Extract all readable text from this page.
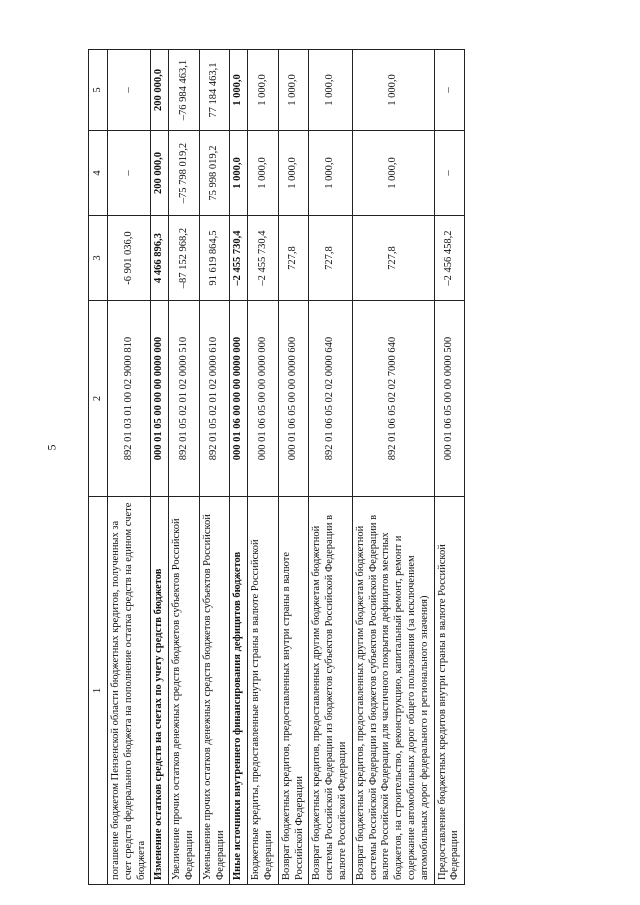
5
1	2	3	4	5
погашение бюджетом Пензенской области бюджетных кредитов, полученных за счет средств федерального бюджета на пополнение остатка средств на едином счете бюджета	892 01 03 01 00 02 9000 810	-6 901 036,0	–	–
Изменение остатков средств на счетах по учету средств бюджетов	000 01 05 00 00 00 0000 000	4 466 896,3	200 000,0	200 000,0
Увеличение прочих остатков денежных средств бюджетов субъектов Российской Федерации	892 01 05 02 01 02 0000 510	–87 152 968,2	–75 798 019,2	–76 984 463,1
Уменьшение прочих остатков денежных средств бюджетов субъектов Российской Федерации	892 01 05 02 01 02 0000 610	91 619 864,5	75 998 019,2	77 184 463,1
Иные источники внутреннего финансирования дефицитов бюджетов	000 01 06 00 00 00 0000 000	–2 455 730,4	1 000,0	1 000,0
Бюджетные кредиты, предоставленные внутри страны в валюте Российской Федерации	000 01 06 05 00 00 0000 000	–2 455 730,4	1 000,0	1 000,0
Возврат бюджетных кредитов, предоставленных внутри страны в валюте Российской Федерации	000 01 06 05 00 00 0000 600	727,8	1 000,0	1 000,0
Возврат бюджетных кредитов, предоставленных другим бюджетам бюджетной системы Российской Федерации из бюджетов субъектов Российской Федерации в валюте Российской Федерации	892 01 06 05 02 02 0000 640	727,8	1 000,0	1 000,0
Возврат бюджетных кредитов, предоставленных другим бюджетам бюджетной системы Российской Федерации из бюджетов субъектов Российской Федерации в валюте Российской Федерации для частичного покрытия дефицитов местных бюджетов, на строительство, реконструкцию, капитальный ремонт, ремонт и содержание автомобильных дорог общего пользования (за исключением автомобильных дорог федерального и регионального значения)	892 01 06 05 02 02 7000 640	727,8	1 000,0	1 000,0
Предоставление бюджетных кредитов внутри страны в валюте Российской Федерации	000 01 06 05 00 00 0000 500	–2 456 458,2	–	–
